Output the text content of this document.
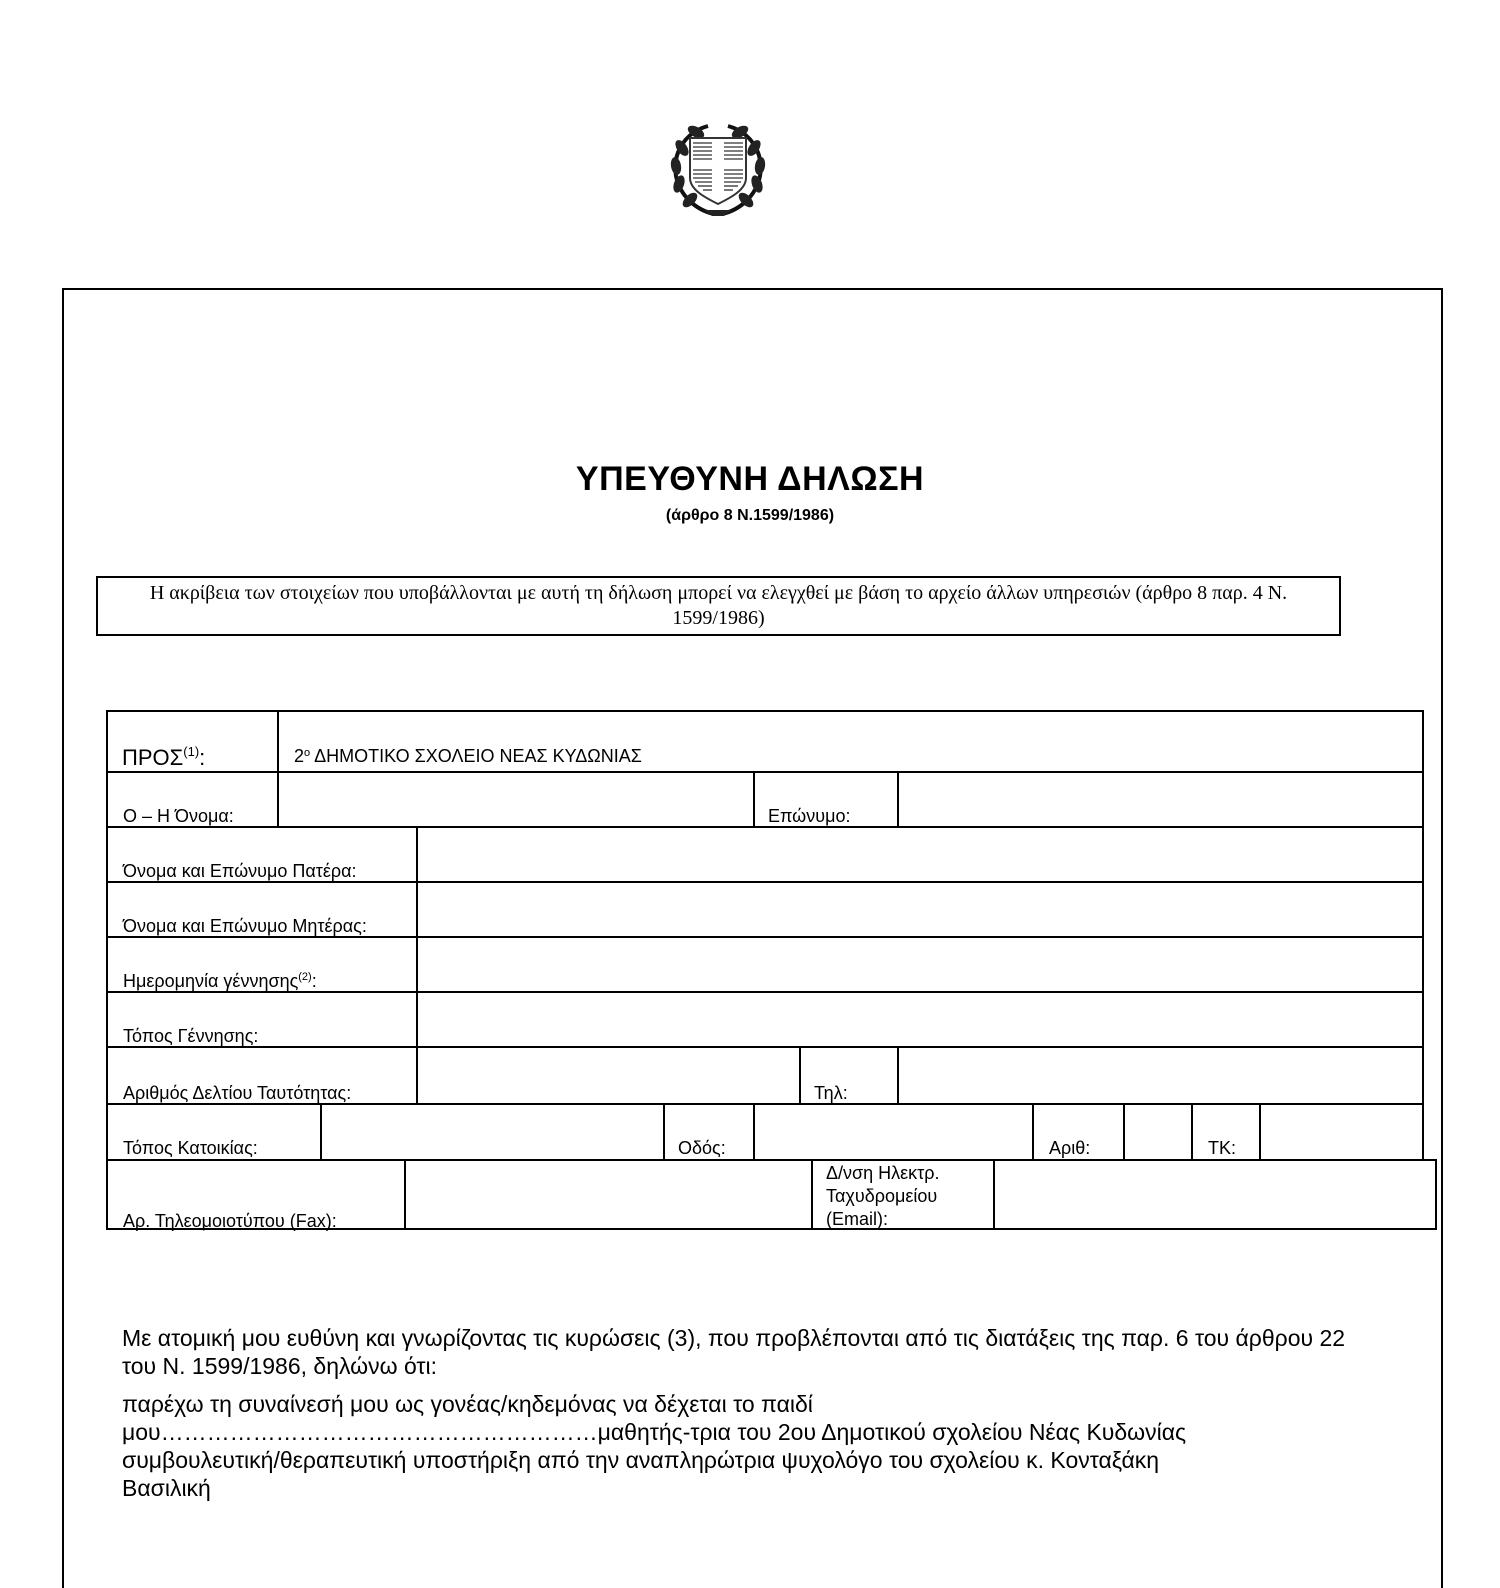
ΥΠΕΥΘΥΝΗ ΔΗΛΩΣΗ
(άρθρο 8 Ν.1599/1986)
Η ακρίβεια των στοιχείων που υποβάλλονται με αυτή τη δήλωση μπορεί να ελεγχθεί με βάση το αρχείο άλλων υπηρεσιών (άρθρο 8 παρ. 4 Ν. 1599/1986)
ΠΡΟΣ$^{(1)}$:	$2^o$ ΔΗΜΟΤΙΚΟ ΣΧΟΛΕΙΟ ΝΕΑΣ ΚΥΔΩΝΙΑΣ
Ο – Η Όνομα:	Επώνυμο:
Όνομα και Επώνυμο Πατέρα:
Όνομα και Επώνυμο Μητέρας:
Ημερομηνία γέννησης$^{(2)}$:
Τόπος Γέννησης:
Αριθμός Δελτίου Ταυτότητας:	Τηλ:
Τόπος Κατοικίας:	Οδός:	Αριθ:	ΤΚ:
Αρ. Τηλεομοιοτύπου (Fax):
Δ/νση Ηλεκτρ.
Ταχυδρομείου
(Email):
Με ατομική μου ευθύνη και γνωρίζοντας τις κυρώσεις (3), που προβλέπονται από τις διατάξεις της παρ. 6 του άρθρου 22 του Ν. 1599/1986, δηλώνω ότι:
παρέχω τη συναίνεσή μου ως γονέας/κηδεμόνας να δέχεται το παιδί
μου…………………………………………………μαθητής-τρια του 2ου Δημοτικού σχολείου Νέας Κυδωνίας
συμβουλευτική/θεραπευτική υποστήριξη από την αναπληρώτρια ψυχολόγο του σχολείου κ. Κονταξάκη
Βασιλική
